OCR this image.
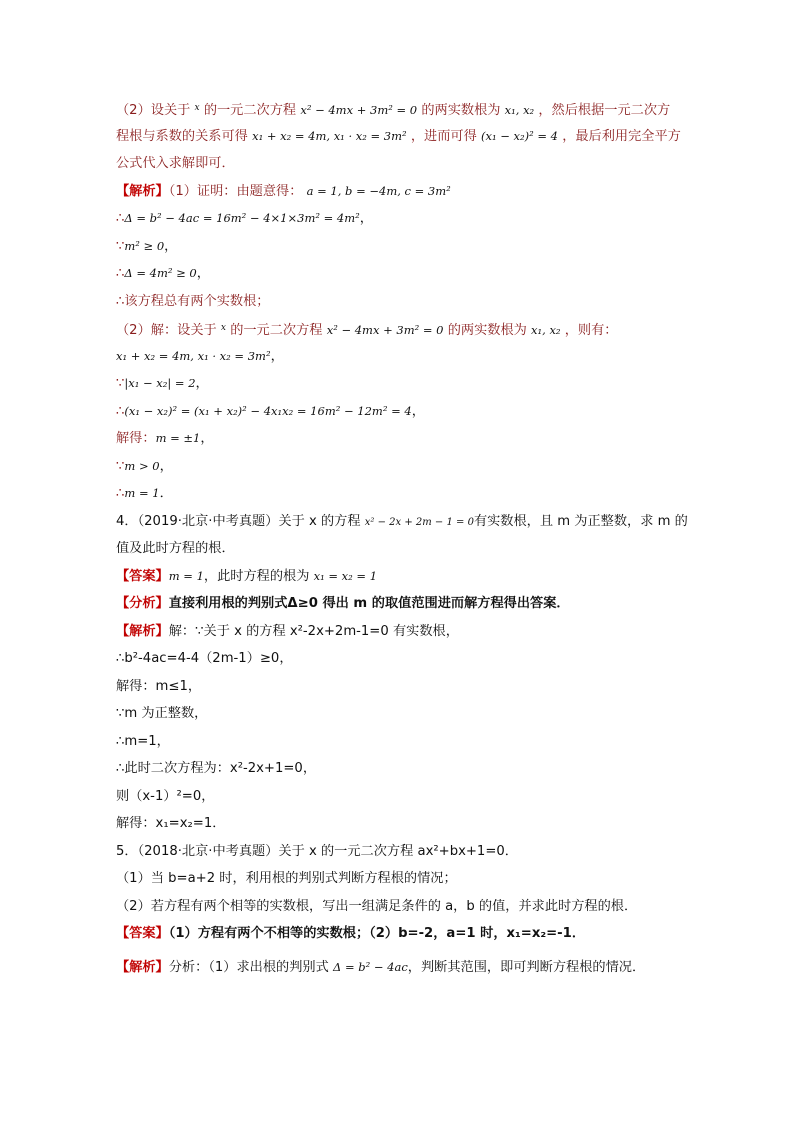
（2）设关于 $^x$ 的一元二次方程 x² − 4mx + 3m² = 0 的两实数根为 x₁, x₂ ，然后根据一元二次方
程根与系数的关系可得 x₁ + x₂ = 4m, x₁ · x₂ = 3m² ，进而可得 (x₁ − x₂)² = 4 ，最后利用完全平方
公式代入求解即可．
【解析】（1）证明：由题意得： a = 1, b = −4m, c = 3m²
∴Δ = b² − 4ac = 16m² − 4×1×3m² = 4m²，
∵m² ≥ 0，
∴Δ = 4m² ≥ 0，
∴该方程总有两个实数根；
（2）解：设关于 $^x$ 的一元二次方程 x² − 4mx + 3m² = 0 的两实数根为 x₁, x₂ ，则有：
x₁ + x₂ = 4m, x₁ · x₂ = 3m²，
∵|x₁ − x₂| = 2，
∴(x₁ − x₂)² = (x₁ + x₂)² − 4x₁x₂ = 16m² − 12m² = 4，
解得：m = ±1，
∵m > 0，
∴m = 1．
4．（2019·北京·中考真题）关于 x 的方程 x² − 2x + 2m − 1 = 0有实数根，且 m 为正整数，求 m 的
值及此时方程的根．
【答案】m = 1，此时方程的根为 x₁ = x₂ = 1
【分析】直接利用根的判别式Δ≥0 得出 m 的取值范围进而解方程得出答案．
【解析】解：∵关于 x 的方程 x²-2x+2m-1=0 有实数根，
∴b²-4ac=4-4（2m-1）≥0，
解得：m≤1，
∵m 为正整数，
∴m=1，
∴此时二次方程为：x²-2x+1=0，
则（x-1）²=0，
解得：x₁=x₂=1．
5．（2018·北京·中考真题）关于 x 的一元二次方程 ax²+bx+1=0．
（1）当 b=a+2 时，利用根的判别式判断方程根的情况；
（2）若方程有两个相等的实数根，写出一组满足条件的 a，b 的值，并求此时方程的根．
【答案】（1）方程有两个不相等的实数根；（2）b=-2，a=1 时，x₁=x₂=-1．
【解析】分析：（1）求出根的判别式 Δ = b² − 4ac，判断其范围，即可判断方程根的情况．
